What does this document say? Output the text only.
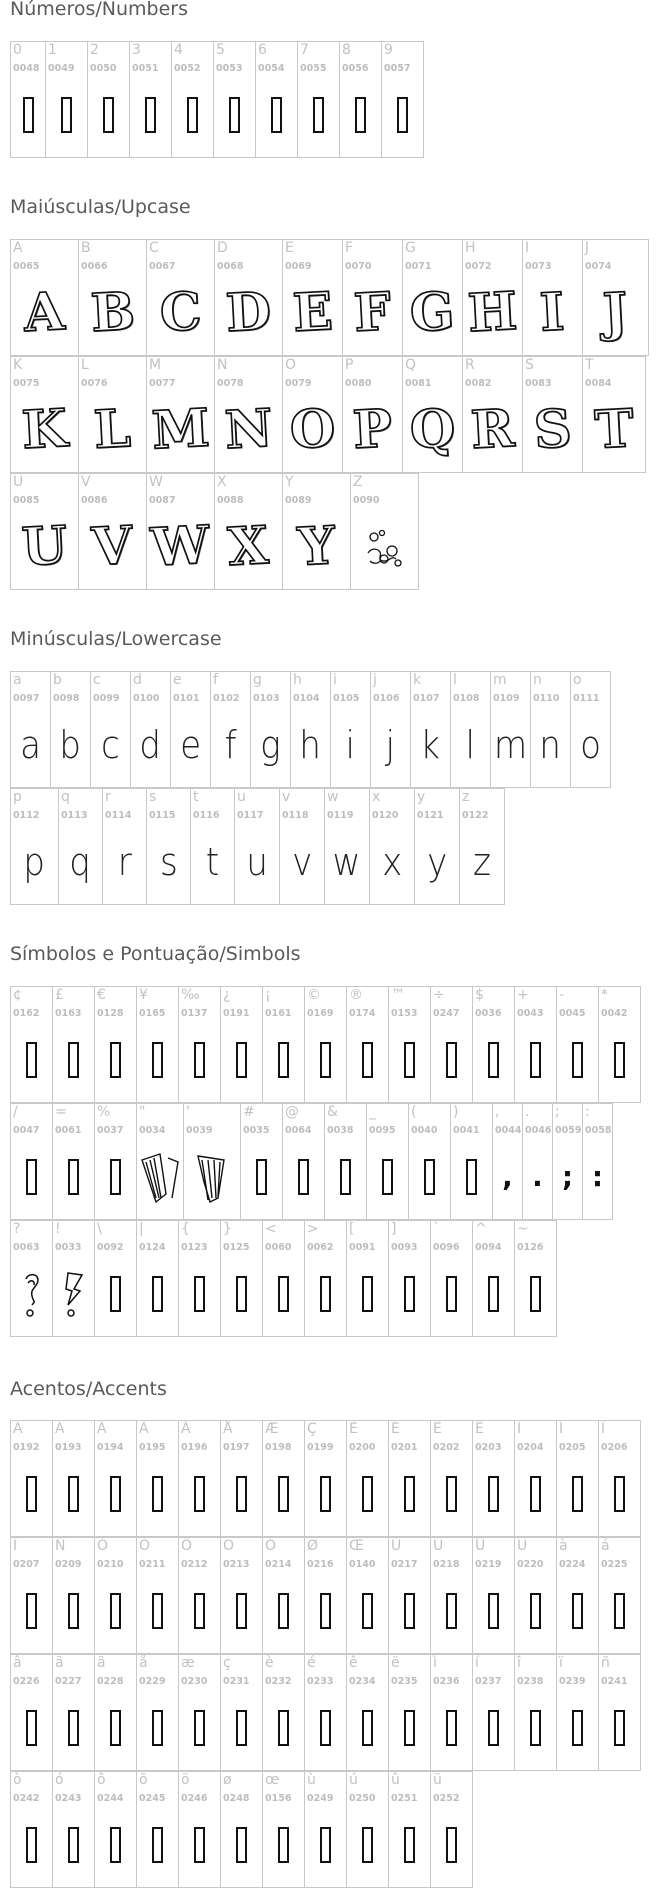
Números/Numbers
0
0048
1
0049
2
0050
3
0051
4
0052
5
0053
6
0054
7
0055
8
0056
9
0057
Maiúsculas/Upcase
A
0065
A
B
0066
B
C
0067
C
D
0068
D
E
0069
E
F
0070
F
G
0071
G
H
0072
H
I
0073
I
J
0074
J
K
0075
K
L
0076
L
M
0077
M
N
0078
N
O
0079
O
P
0080
P
Q
0081
Q
R
0082
R
S
0083
S
T
0084
T
U
0085
U
V
0086
V
W
0087
W
X
0088
X
Y
0089
Y
Z
0090
Minúsculas/Lowercase
a
0097
a
b
0098
b
c
0099
c
d
0100
d
e
0101
e
f
0102
f
g
0103
g
h
0104
h
i
0105
i
j
0106
j
k
0107
k
l
0108
l
m
0109
m
n
0110
n
o
0111
o
p
0112
p
q
0113
q
r
0114
r
s
0115
s
t
0116
t
u
0117
u
v
0118
v
w
0119
w
x
0120
x
y
0121
y
z
0122
z
Símbolos e Pontuação/Simbols
¢
0162
£
0163
€
0128
¥
0165
‰
0137
¿
0191
¡
0161
©
0169
®
0174
™
0153
÷
0247
$
0036
+
0043
-
0045
*
0042
/
0047
=
0061
%
0037
"
0034
'
0039
#
0035
@
0064
&
0038
_
0095
(
0040
)
0041
,
0044
,
.
0046
.
;
0059
;
:
0058
:
?
0063
!
0033
\
0092
|
0124
{
0123
}
0125
<
0060
>
0062
[
0091
]
0093
`
0096
^
0094
~
0126
Acentos/Accents
À
0192
Á
0193
Â
0194
Ã
0195
Ä
0196
Å
0197
Æ
0198
Ç
0199
È
0200
É
0201
Ê
0202
Ë
0203
Ì
0204
Í
0205
Î
0206
Ï
0207
Ñ
0209
Ò
0210
Ó
0211
Ô
0212
Õ
0213
Ö
0214
Ø
0216
Œ
0140
Ù
0217
Ú
0218
Û
0219
Ü
0220
à
0224
á
0225
â
0226
ã
0227
ä
0228
å
0229
æ
0230
ç
0231
è
0232
é
0233
ê
0234
ë
0235
ì
0236
í
0237
î
0238
ï
0239
ñ
0241
ò
0242
ó
0243
ô
0244
õ
0245
ö
0246
ø
0248
œ
0156
ù
0249
ú
0250
û
0251
ü
0252
